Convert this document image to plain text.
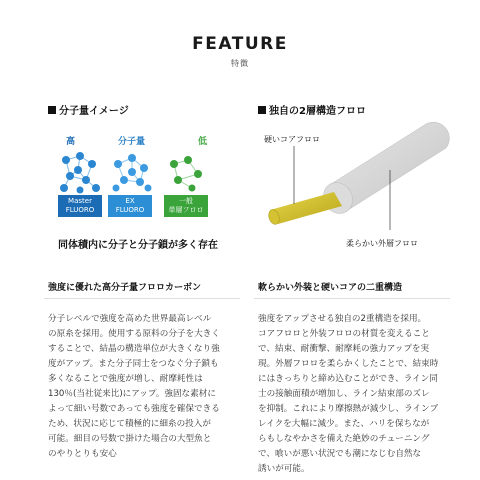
FEATURE
特徴
分子量イメージ
高	分子量	低
Master
FLUORO
EX
FLUORO
一般
単層フロロ
同体積内に分子と分子鎖が多く存在
独自の2層構造フロロ
硬いコアフロロ
柔らかい外層フロロ
強度に優れた高分子量フロロカーボン	軟らかい外装と硬いコアの二重構造

分子レベルで強度を高めた世界最高レベル

の原糸を採用。使用する原料の分子を大きく

することで、結晶の構造単位が大きくなり強

度がアップ。また分子同士をつなぐ分子鎖も

多くなることで強度が増し、耐摩耗性は

130％(当社従来比)にアップ。強固な素材に

よって細い号数であっても強度を確保できる

ため、状況に応じて積極的に細糸の投入が

可能。細目の号数で掛けた場合の大型魚と

のやりとりも安心

強度をアップさせる独自の2重構造を採用。

コアフロロと外装フロロの材質を変えること

で、結束、耐衝撃、耐摩耗の強力アップを実

現。外層フロロを柔らかくしたことで、結束時

にはきっちりと締め込むことができ、ライン同

士の接触面積が増加し、ライン結束部のズレ

を抑制。これにより摩擦熱が減少し、ラインブ

レイクを大幅に減少。また、ハリを保ちなが

らもしなやかさを備えた絶妙のチューニング

で、喰いが悪い状況でも潮になじむ自然な

誘いが可能。
